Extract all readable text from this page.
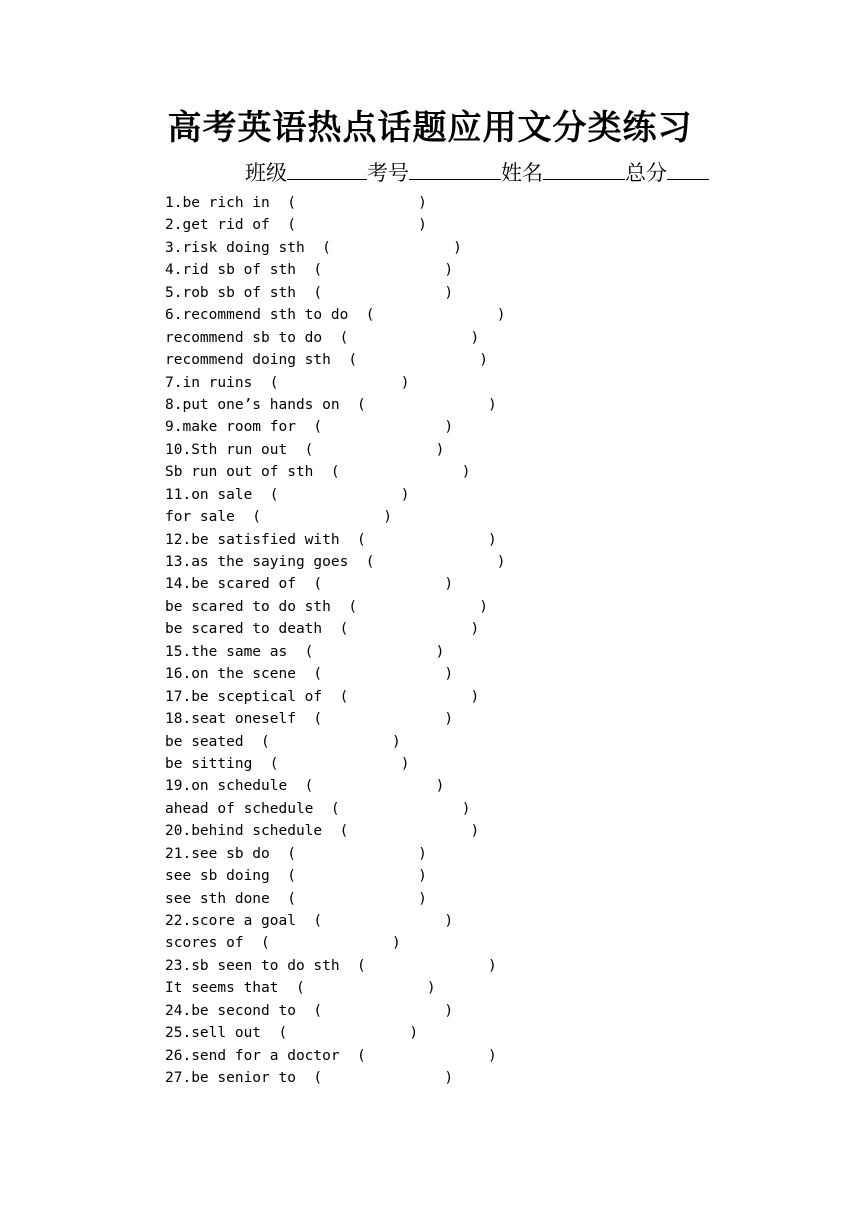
高考英语热点话题应用文分类练习
班级	考号	姓名	总分
1.be rich in  (              )
2.get rid of  (              )
3.risk doing sth  (              )
4.rid sb of sth  (              )
5.rob sb of sth  (              )
6.recommend sth to do  (              )
recommend sb to do  (              )
recommend doing sth  (              )
7.in ruins  (              )
8.put one’s hands on  (              )
9.make room for  (              )
10.Sth run out  (              )
Sb run out of sth  (              )
11.on sale  (              )
for sale  (              )
12.be satisfied with  (              )
13.as the saying goes  (              )
14.be scared of  (              )
be scared to do sth  (              )
be scared to death  (              )
15.the same as  (              )
16.on the scene  (              )
17.be sceptical of  (              )
18.seat oneself  (              )
be seated  (              )
be sitting  (              )
19.on schedule  (              )
ahead of schedule  (              )
20.behind schedule  (              )
21.see sb do  (              )
see sb doing  (              )
see sth done  (              )
22.score a goal  (              )
scores of  (              )
23.sb seen to do sth  (              )
It seems that  (              )
24.be second to  (              )
25.sell out  (              )
26.send for a doctor  (              )
27.be senior to  (              )
